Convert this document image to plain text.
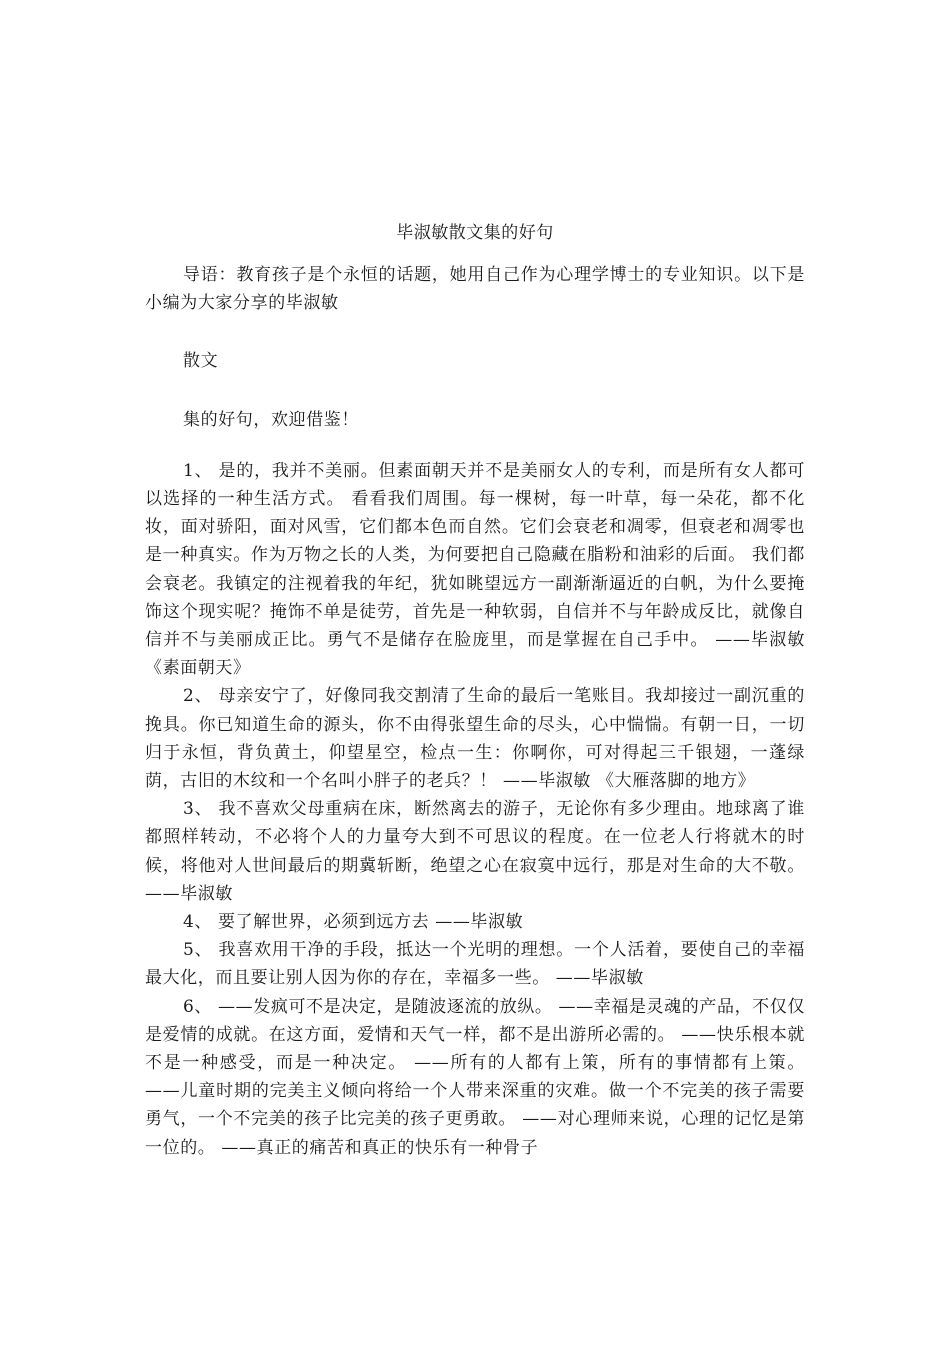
毕淑敏散文集的好句

导语：教育孩子是个永恒的话题，她用自己作为心理学博士的专业知识。以下是小编为大家分享的毕淑敏

散文

集的好句，欢迎借鉴！

1、 是的，我并不美丽。但素面朝天并不是美丽女人的专利，而是所有女人都可以选择的一种生活方式。 看看我们周围。每一棵树，每一叶草，每一朵花，都不化妆，面对骄阳，面对风雪，它们都本色而自然。它们会衰老和凋零，但衰老和凋零也是一种真实。作为万物之长的人类，为何要把自己隐藏在脂粉和油彩的后面。 我们都会衰老。我镇定的注视着我的年纪，犹如眺望远方一副渐渐逼近的白帆，为什么要掩饰这个现实呢？掩饰不单是徒劳，首先是一种软弱，自信并不与年龄成反比，就像自信并不与美丽成正比。勇气不是储存在脸庞里，而是掌握在自己手中。 ——毕淑敏 《素面朝天》

2、 母亲安宁了，好像同我交割清了生命的最后一笔账目。我却接过一副沉重的挽具。你已知道生命的源头，你不由得张望生命的尽头，心中惴惴。有朝一日，一切归于永恒，背负黄土，仰望星空，检点一生：你啊你，可对得起三千银翅，一蓬绿荫，古旧的木纹和一个名叫小胖子的老兵？！ ——毕淑敏 《大雁落脚的地方》

3、 我不喜欢父母重病在床，断然离去的游子，无论你有多少理由。地球离了谁都照样转动，不必将个人的力量夸大到不可思议的程度。在一位老人行将就木的时候，将他对人世间最后的期冀斩断，绝望之心在寂寞中远行，那是对生命的大不敬。 ——毕淑敏

4、 要了解世界，必须到远方去 ——毕淑敏

5、 我喜欢用干净的手段，抵达一个光明的理想。一个人活着，要使自己的幸福最大化，而且要让别人因为你的存在，幸福多一些。 ——毕淑敏

6、 ——发疯可不是决定，是随波逐流的放纵。 ——幸福是灵魂的产品，不仅仅是爱情的成就。在这方面，爱情和天气一样，都不是出游所必需的。 ——快乐根本就不是一种感受，而是一种决定。 ——所有的人都有上策，所有的事情都有上策。 ——儿童时期的完美主义倾向将给一个人带来深重的灾难。做一个不完美的孩子需要勇气，一个不完美的孩子比完美的孩子更勇敢。 ——对心理师来说，心理的记忆是第一位的。 ——真正的痛苦和真正的快乐有一种骨子
